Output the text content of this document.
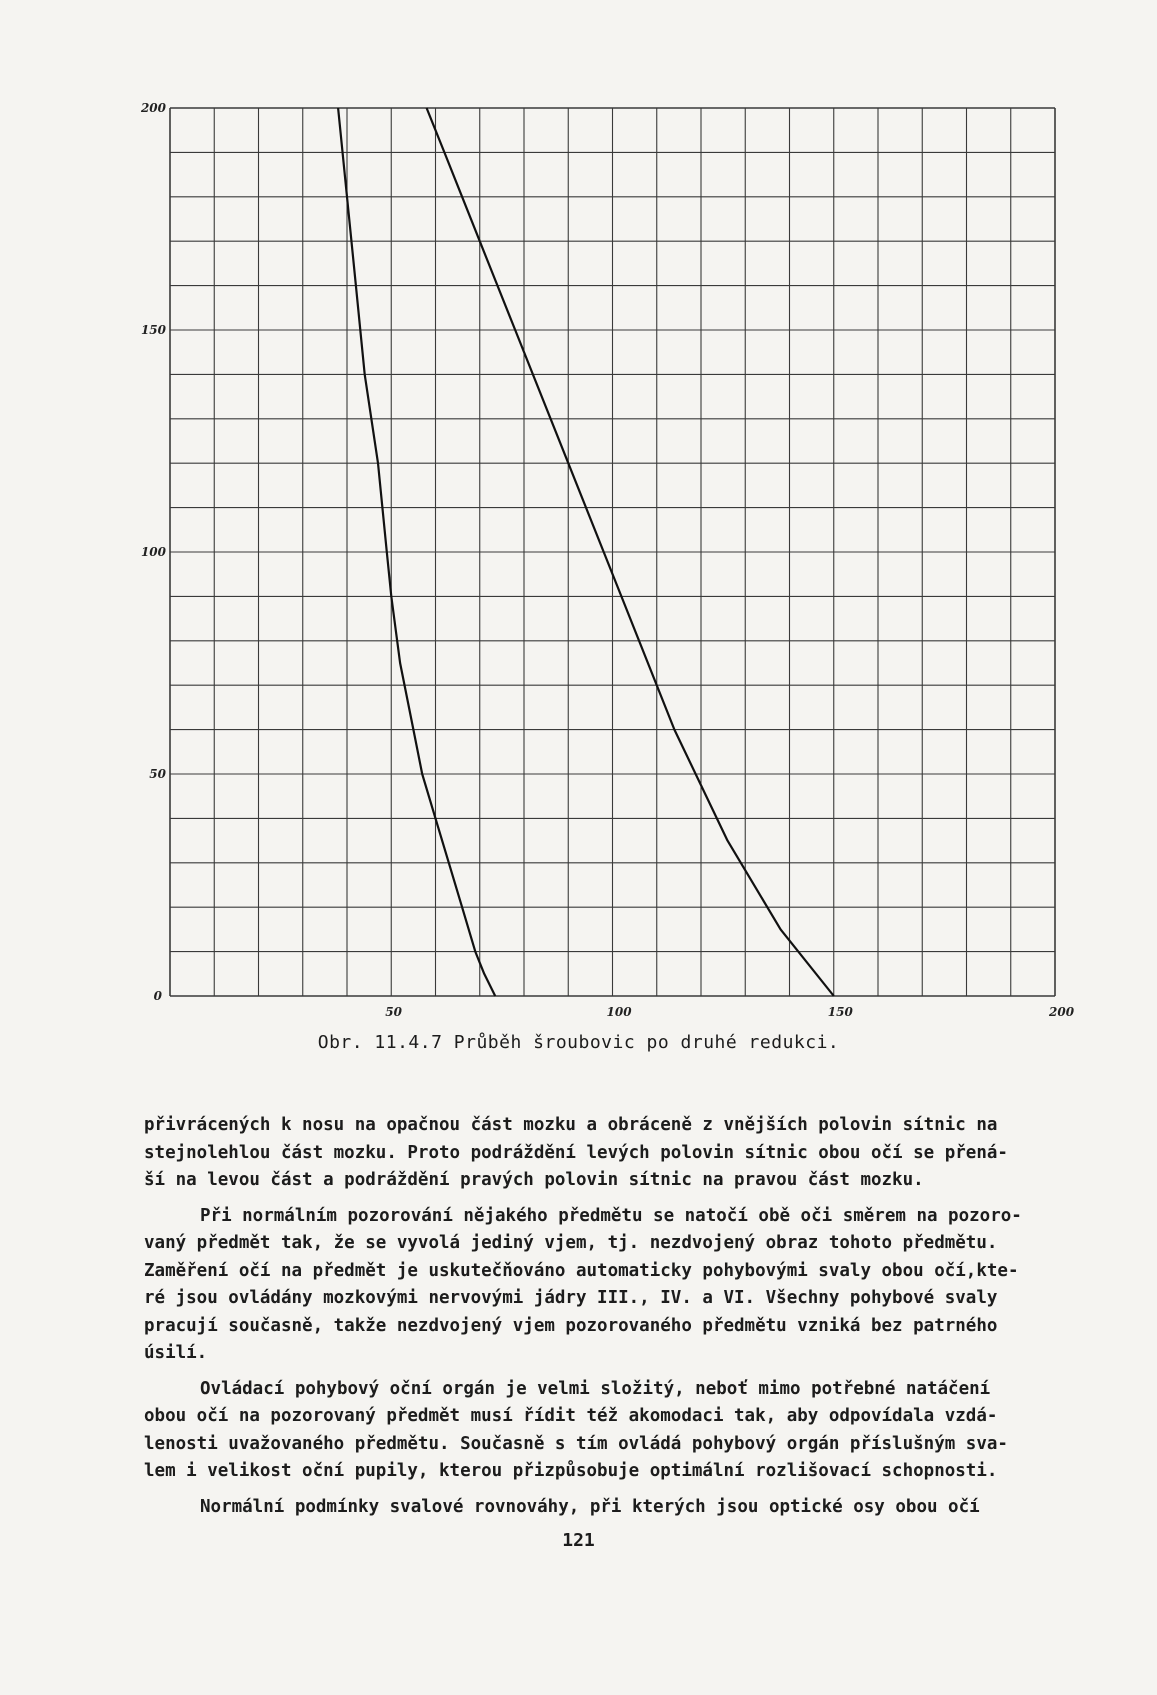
0
50	100	150	200
50
100
150
200
Obr. 11.4.7 Průběh šroubovic po druhé redukci.
přivrácených k nosu na opačnou část mozku a obráceně z vnějších polovin sítnic na
stejnolehlou část mozku. Proto podráždění levých polovin sítnic obou očí se přená-
ší na levou část a podráždění pravých polovin sítnic na pravou část mozku.
Při normálním pozorování nějakého předmětu se natočí obě oči směrem na pozoro-
vaný předmět tak, že se vyvolá jediný vjem, tj. nezdvojený obraz tohoto předmětu.
Zaměření očí na předmět je uskutečňováno automaticky pohybovými svaly obou očí,kte-
ré jsou ovládány mozkovými nervovými jádry III., IV. a VI. Všechny pohybové svaly
pracují současně, takže nezdvojený vjem pozorovaného předmětu vzniká bez patrného
úsilí.
Ovládací pohybový oční orgán je velmi složitý, neboť mimo potřebné natáčení
obou očí na pozorovaný předmět musí řídit též akomodaci tak, aby odpovídala vzdá-
lenosti uvažovaného předmětu. Současně s tím ovládá pohybový orgán příslušným sva-
lem i velikost oční pupily, kterou přizpůsobuje optimální rozlišovací schopnosti.
Normální podmínky svalové rovnováhy, při kterých jsou optické osy obou očí
121
